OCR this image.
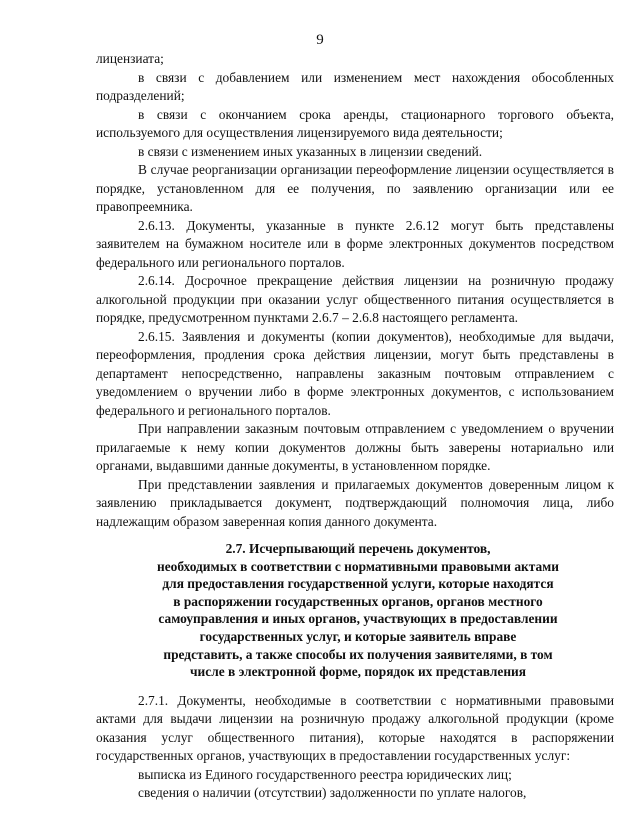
9

лицензиата;

в связи с добавлением или изменением мест нахождения обособленных подразделений;

в связи с окончанием срока аренды, стационарного торгового объекта, используемого для осуществления лицензируемого вида деятельности;

в связи с изменением иных указанных в лицензии сведений.

В случае реорганизации организации переоформление лицензии осуществляется в порядке, установленном для ее получения, по заявлению организации или ее правопреемника.

2.6.13. Документы, указанные в пункте 2.6.12 могут быть представлены заявителем на бумажном носителе или в форме электронных документов посредством федерального или регионального порталов.

2.6.14. Досрочное прекращение действия лицензии на розничную продажу алкогольной продукции при оказании услуг общественного питания осуществляется в порядке, предусмотренном пунктами 2.6.7 – 2.6.8 настоящего регламента.

2.6.15. Заявления и документы (копии документов), необходимые для выдачи, переоформления, продления срока действия лицензии, могут быть представлены в департамент непосредственно, направлены заказным почтовым отправлением с уведомлением о вручении либо в форме электронных документов, с использованием федерального и регионального порталов.

При направлении заказным почтовым отправлением с уведомлением о вручении прилагаемые к нему копии документов должны быть заверены нотариально или органами, выдавшими данные документы, в установленном порядке.

При представлении заявления и прилагаемых документов доверенным лицом к заявлению прикладывается документ, подтверждающий полномочия лица, либо надлежащим образом заверенная копия данного документа.

2.7. Исчерпывающий перечень документов,
необходимых в соответствии с нормативными правовыми актами
для предоставления государственной услуги, которые находятся
в распоряжении государственных органов, органов местного
самоуправления и иных органов, участвующих в предоставлении
государственных услуг, и которые заявитель вправе
представить, а также способы их получения заявителями, в том
числе в электронной форме, порядок их представления

2.7.1. Документы, необходимые в соответствии с нормативными правовыми актами для выдачи лицензии на розничную продажу алкогольной продукции (кроме оказания услуг общественного питания), которые находятся в распоряжении государственных органов, участвующих в предоставлении государственных услуг:

выписка из Единого государственного реестра юридических лиц;

сведения о наличии (отсутствии) задолженности по уплате налогов,
